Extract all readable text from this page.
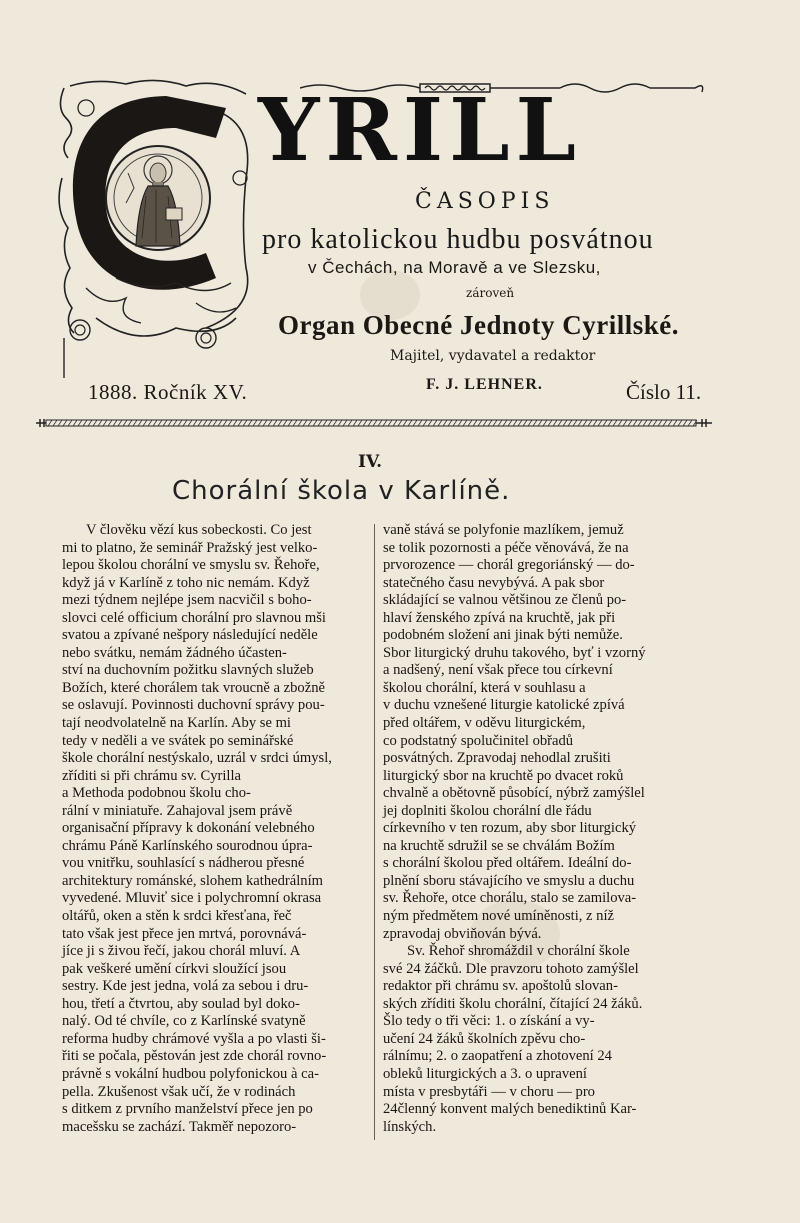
YRILL
ČASOPIS
pro katolickou hudbu posvátnou
v Čechách, na Moravě a ve Slezsku,
zároveň
Organ Obecné Jednoty Cyrillské.
Majitel, vydavatel a redaktor
1888. Ročník XV.	F. J. LEHNER.	Číslo 11.
IV.
Chorální škola v Karlíně.

V člověku vězí kus sobeckosti. Co jest

mi to platno, že seminář Pražský jest velko-

lepou školou chorální ve smyslu sv. Řehoře,

když já v Karlíně z toho nic nemám. Když

mezi týdnem nejlépe jsem nacvičil s boho-

slovci celé officium chorální pro slavnou mši

svatou a zpívané nešpory následující neděle

nebo svátku, nemám žádného účasten-

ství na duchovním požitku slavných služeb

Božích, které chorálem tak vroucně a zbožně

se oslavují. Povinnosti duchovní správy pou-

tají neodvolatelně na Karlín. Aby se mi

tedy v neděli a ve svátek po seminářské

škole chorální nestýskalo, uzrál v srdci úmysl,

zříditi si při chrámu sv. Cyrilla

a Methoda podobnou školu cho-

rální v miniatuře. Zahajoval jsem právě

organisační přípravy k dokonání velebného

chrámu Páně Karlínského sourodnou úpra-

vou vnitřku, souhlasící s nádherou přesné

architektury románské, slohem kathedrálním

vyvedené. Mluviť sice i polychromní okrasa

oltářů, oken a stěn k srdci křesťana, řeč

tato však jest přece jen mrtvá, porovnává-

jíce ji s živou řečí, jakou chorál mluví. A

pak veškeré umění církvi sloužící jsou

sestry. Kde jest jedna, volá za sebou i dru-

hou, třetí a čtvrtou, aby soulad byl doko-

nalý. Od té chvíle, co z Karlínské svatyně

reforma hudby chrámové vyšla a po vlasti ši-

řiti se počala, pěstován jest zde chorál rovno-

právně s vokální hudbou polyfonickou à ca-

pella. Zkušenost však učí, že v rodinách

s ditkem z prvního manželství přece jen po

macešsku se zachází. Takměř nepozoro-

vaně stává se polyfonie mazlíkem, jemuž

se tolik pozornosti a péče věnovává, že na

prvorozence — chorál gregoriánský — do-

statečného času nevybývá. A pak sbor

skládající se valnou většinou ze členů po-

hlaví ženského zpívá na kruchtě, jak při

podobném složení ani jinak býti nemůže.

Sbor liturgický druhu takového, byť i vzorný

a nadšený, není však přece tou církevní

školou chorální, která v souhlasu a

v duchu vznešené liturgie katolické zpívá

před oltářem, v oděvu liturgickém,

co podstatný spolučinitel obřadů

posvátných. Zpravodaj nehodlal zrušiti

liturgický sbor na kruchtě po dvacet roků

chvalně a obětovně působící, nýbrž zamýšlel

jej doplniti školou chorální dle řádu

církevního v ten rozum, aby sbor liturgický

na kruchtě sdružil se se chválám Božím

s chorální školou před oltářem. Ideální do-

plnění sboru stávajícího ve smyslu a duchu

sv. Řehoře, otce chorálu, stalo se zamilova-

ným předmětem nové umíněnosti, z níž

zpravodaj obviňován bývá.

Sv. Řehoř shromáždil v chorální škole

své 24 žáčků. Dle pravzoru tohoto zamýšlel

redaktor při chrámu sv. apoštolů slovan-

ských zříditi školu chorální, čítající 24 žáků.

Šlo tedy o tři věci: 1. o získání a vy-

učení 24 žáků školních zpěvu cho-

rálnímu; 2. o zaopatření a zhotovení 24

obleků liturgických a 3. o upravení

místa v presbytáři — v choru — pro

24členný konvent malých benediktinů Kar-

línských.
